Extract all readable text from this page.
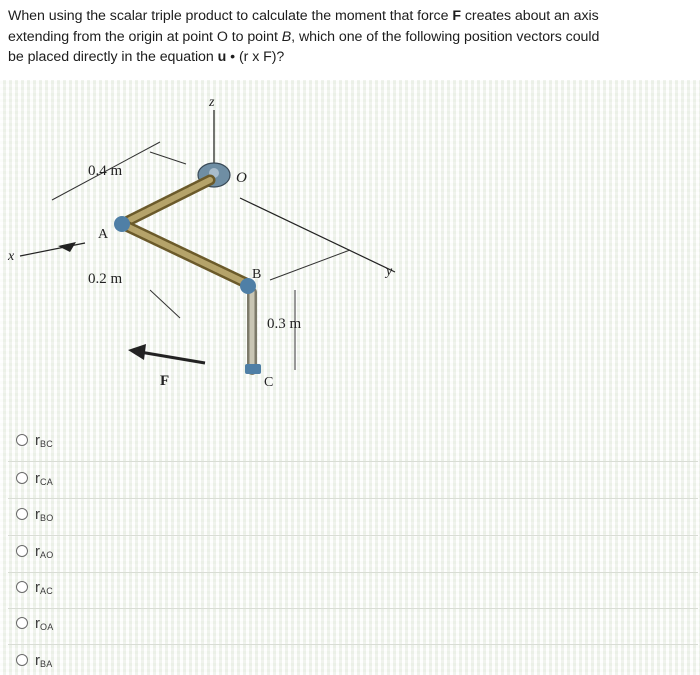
When using the scalar triple product to calculate the moment that force F creates about an axis
extending from the origin at point O to point B, which one of the following position vectors could
be placed directly in the equation u • (r x F)?
z
x
y
O
A
B
C
0.4 m
0.2 m
0.3 m
F
$r_{BC}$
$r_{CA}$
$r_{BO}$
$r_{AO}$
$r_{AC}$
$r_{OA}$
$r_{BA}$
